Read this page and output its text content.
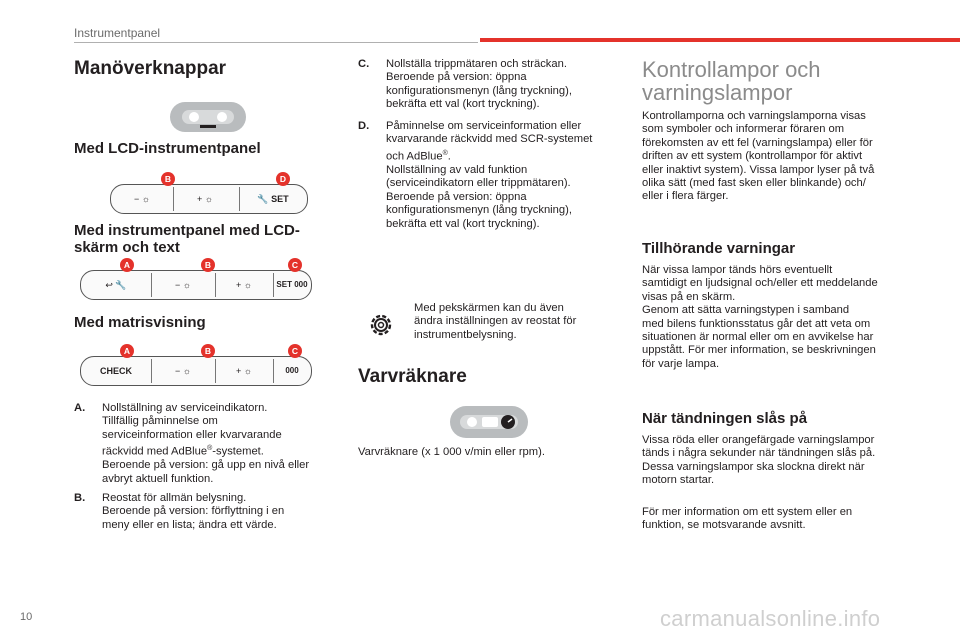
Instrumentpanel
Manöverknappar
Med LCD-instrumentpanel
− ☼	+ ☼	🔧 SET
B	D
Med instrumentpanel med LCD-
skärm och text
↩ 🔧	− ☼	+ ☼	SET 000
A	B	C
Med matrisvisning
CHECK	− ☼	+ ☼	000
A	B	C
A. Nollställning av serviceindikatorn.
Tillfällig påminnelse om
serviceinformation eller kvarvarande
räckvidd med AdBlue®-systemet.
Beroende på version: gå upp en nivå eller
avbryt aktuell funktion.
B. Reostat för allmän belysning.
Beroende på version: förflyttning i en
meny eller en lista; ändra ett värde.
C. Nollställa trippmätaren och sträckan.
Beroende på version: öppna
konfigurationsmenyn (lång tryckning),
bekräfta ett val (kort tryckning).
D. Påminnelse om serviceinformation eller
kvarvarande räckvidd med SCR-systemet
och AdBlue®.
Nollställning av vald funktion
(serviceindikatorn eller trippmätaren).
Beroende på version: öppna
konfigurationsmenyn (lång tryckning),
bekräfta ett val (kort tryckning).
Med pekskärmen kan du även
ändra inställningen av reostat för
instrumentbelysning.
Varvräknare
Varvräknare (x 1 000 v/min eller rpm).
Kontrollampor och
varningslampor
Kontrollamporna och varningslamporna visas
som symboler och informerar föraren om
förekomsten av ett fel (varningslampa) eller för
driften av ett system (kontrollampor för aktivt
eller inaktivt system). Vissa lampor lyser på två
olika sätt (med fast sken eller blinkande) och/
eller i flera färger.
Tillhörande varningar
När vissa lampor tänds hörs eventuellt
samtidigt en ljudsignal och/eller ett meddelande
visas på en skärm.
Genom att sätta varningstypen i samband
med bilens funktionsstatus går det att veta om
situationen är normal eller om en avvikelse har
uppstått. För mer information, se beskrivningen
för varje lampa.
När tändningen slås på
Vissa röda eller orangefärgade varningslampor
tänds i några sekunder när tändningen slås på.
Dessa varningslampor ska slockna direkt när
motorn startar.
För mer information om ett system eller en
funktion, se motsvarande avsnitt.
10	carmanualsonline.info
